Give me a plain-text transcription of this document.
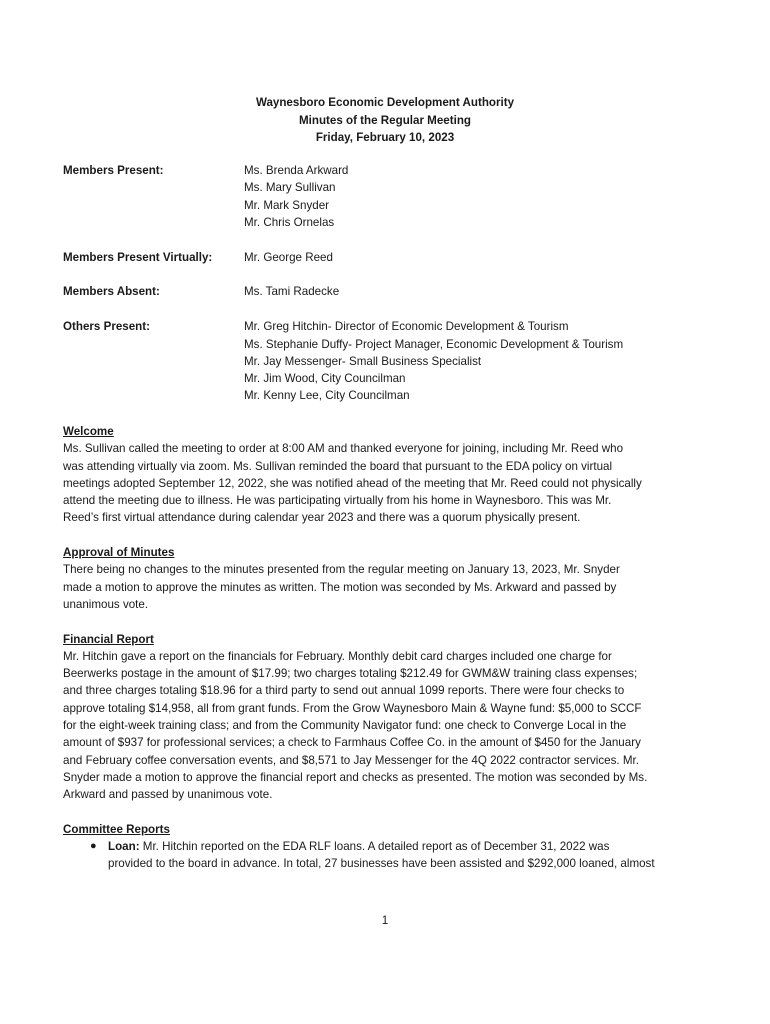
Waynesboro Economic Development Authority
Minutes of the Regular Meeting
Friday, February 10, 2023
Members Present:	Ms. Brenda Arkward
Ms. Mary Sullivan
Mr. Mark Snyder
Mr. Chris Ornelas
Members Present Virtually:	Mr. George Reed
Members Absent:	Ms. Tami Radecke
Others Present:	Mr. Greg Hitchin- Director of Economic Development & Tourism
Ms. Stephanie Duffy- Project Manager, Economic Development & Tourism
Mr. Jay Messenger- Small Business Specialist
Mr. Jim Wood, City Councilman
Mr. Kenny Lee, City Councilman
Welcome
Ms. Sullivan called the meeting to order at 8:00 AM and thanked everyone for joining, including Mr. Reed who
was attending virtually via zoom. Ms. Sullivan reminded the board that pursuant to the EDA policy on virtual
meetings adopted September 12, 2022, she was notified ahead of the meeting that Mr. Reed could not physically
attend the meeting due to illness. He was participating virtually from his home in Waynesboro. This was Mr.
Reed’s first virtual attendance during calendar year 2023 and there was a quorum physically present.
Approval of Minutes
There being no changes to the minutes presented from the regular meeting on January 13, 2023, Mr. Snyder
made a motion to approve the minutes as written. The motion was seconded by Ms. Arkward and passed by
unanimous vote.
Financial Report
Mr. Hitchin gave a report on the financials for February. Monthly debit card charges included one charge for
Beerwerks postage in the amount of $17.99; two charges totaling $212.49 for GWM&W training class expenses;
and three charges totaling $18.96 for a third party to send out annual 1099 reports. There were four checks to
approve totaling $14,958, all from grant funds. From the Grow Waynesboro Main & Wayne fund: $5,000 to SCCF
for the eight-week training class; and from the Community Navigator fund: one check to Converge Local in the
amount of $937 for professional services; a check to Farmhaus Coffee Co. in the amount of $450 for the January
and February coffee conversation events, and $8,571 to Jay Messenger for the 4Q 2022 contractor services. Mr.
Snyder made a motion to approve the financial report and checks as presented. The motion was seconded by Ms.
Arkward and passed by unanimous vote.
Committee Reports
● Loan: Mr. Hitchin reported on the EDA RLF loans. A detailed report as of December 31, 2022 was
provided to the board in advance. In total, 27 businesses have been assisted and $292,000 loaned, almost
1
